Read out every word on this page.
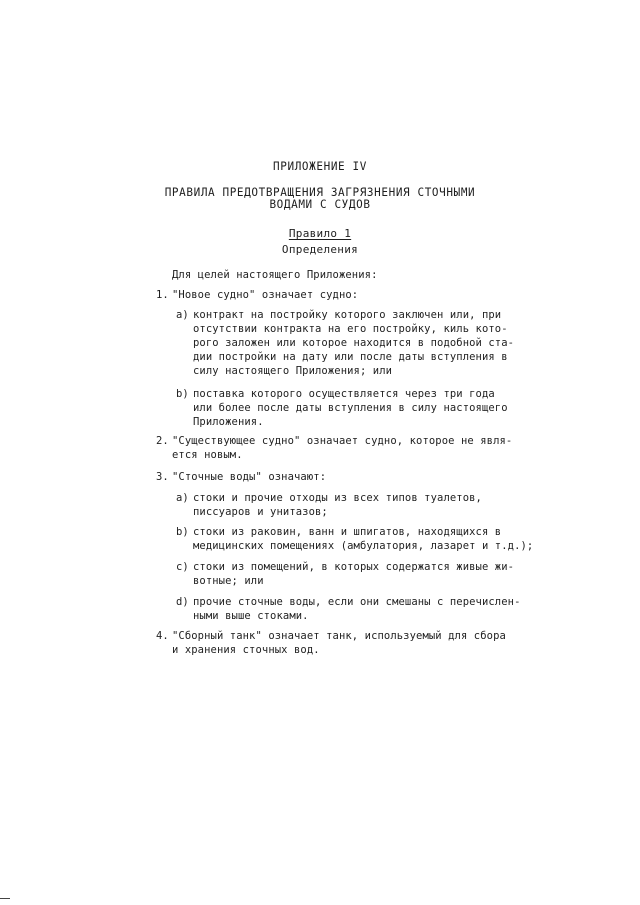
ПРИЛОЖЕНИЕ IV
ПРАВИЛА ПРЕДОТВРАЩЕНИЯ ЗАГРЯЗНЕНИЯ СТОЧНЫМИ
ВОДАМИ С СУДОВ
Правило 1
Определения
Для целей настоящего Приложения:
1. "Новое судно" означает судно:
a) контракт на постройку которого заключен или, при
отсутствии контракта на его постройку, киль кото-
рого заложен или которое находится в подобной ста-
дии постройки на дату или после даты вступления в
силу настоящего Приложения; или
b) поставка которого осуществляется через три года
или более после даты вступления в силу настоящего
Приложения.
2. "Существующее судно" означает судно, которое не явля-
ется новым.
3. "Сточные воды" означают:
a) стоки и прочие отходы из всех типов туалетов,
писсуаров и унитазов;
b) стоки из раковин, ванн и шпигатов, находящихся в
медицинских помещениях (амбулатория, лазарет и т.д.);
c) стоки из помещений, в которых содержатся живые жи-
вотные; или
d) прочие сточные воды, если они смешаны с перечислен-
ными выше стоками.
4. "Сборный танк" означает танк, используемый для сбора
и хранения сточных вод.
